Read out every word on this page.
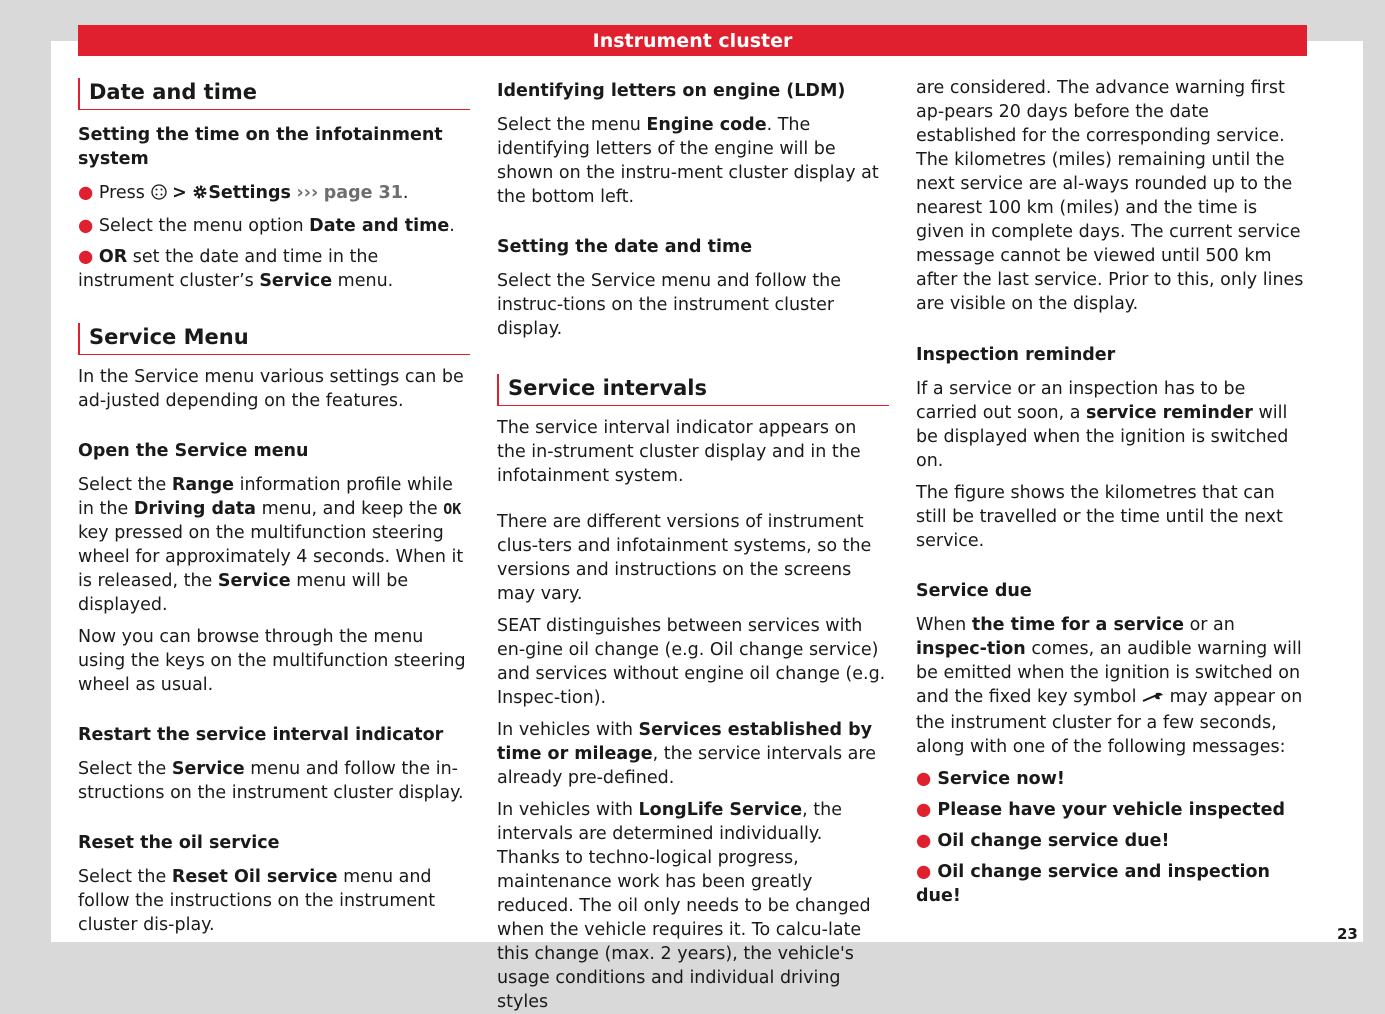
Instrument cluster
Date and time
Setting the time on the infotainment system

● Press > Settings ››› page 31.

● Select the menu option Date and time.

● OR set the date and time in the instrument cluster’s Service menu.

Service Menu

In the Service menu various settings can be ad-justed depending on the features.

Open the Service menu

Select the Range information profile while in the Driving data menu, and keep the OK key pressed on the multifunction steering wheel for approximately 4 seconds. When it is released, the Service menu will be displayed.

Now you can browse through the menu using the keys on the multifunction steering wheel as usual.

Restart the service interval indicator

Select the Service menu and follow the in-structions on the instrument cluster display.

Reset the oil service

Select the Reset Oil service menu and follow the instructions on the instrument cluster dis-play.

Identifying letters on engine (LDM)

Select the menu Engine code. The identifying letters of the engine will be shown on the instru-ment cluster display at the bottom left.

Setting the date and time

Select the Service menu and follow the instruc-tions on the instrument cluster display.

Service intervals

The service interval indicator appears on the in-strument cluster display and in the infotainment system.

There are different versions of instrument clus-ters and infotainment systems, so the versions and instructions on the screens may vary.

SEAT distinguishes between services with en-gine oil change (e.g. Oil change service) and services without engine oil change (e.g. Inspec-tion).

In vehicles with Services established by time or mileage, the service intervals are already pre-defined.

In vehicles with LongLife Service, the intervals are determined individually. Thanks to techno-logical progress, maintenance work has been greatly reduced. The oil only needs to be changed when the vehicle requires it. To calcu-late this change (max. 2 years), the vehicle's usage conditions and individual driving styles

are considered. The advance warning first ap-pears 20 days before the date established for the corresponding service. The kilometres (miles) remaining until the next service are al-ways rounded up to the nearest 100 km (miles) and the time is given in complete days. The current service message cannot be viewed until 500 km after the last service. Prior to this, only lines are visible on the display.

Inspection reminder

If a service or an inspection has to be carried out soon, a service reminder will be displayed when the ignition is switched on.

The figure shows the kilometres that can still be travelled or the time until the next service.

Service due

When the time for a service or an inspec-tion comes, an audible warning will be emitted when the ignition is switched on and the fixed key symbol may appear on the instrument cluster for a few seconds, along with one of the following messages:

● Service now!

● Please have your vehicle inspected

● Oil change service due!

● Oil change service and inspection due!

23
